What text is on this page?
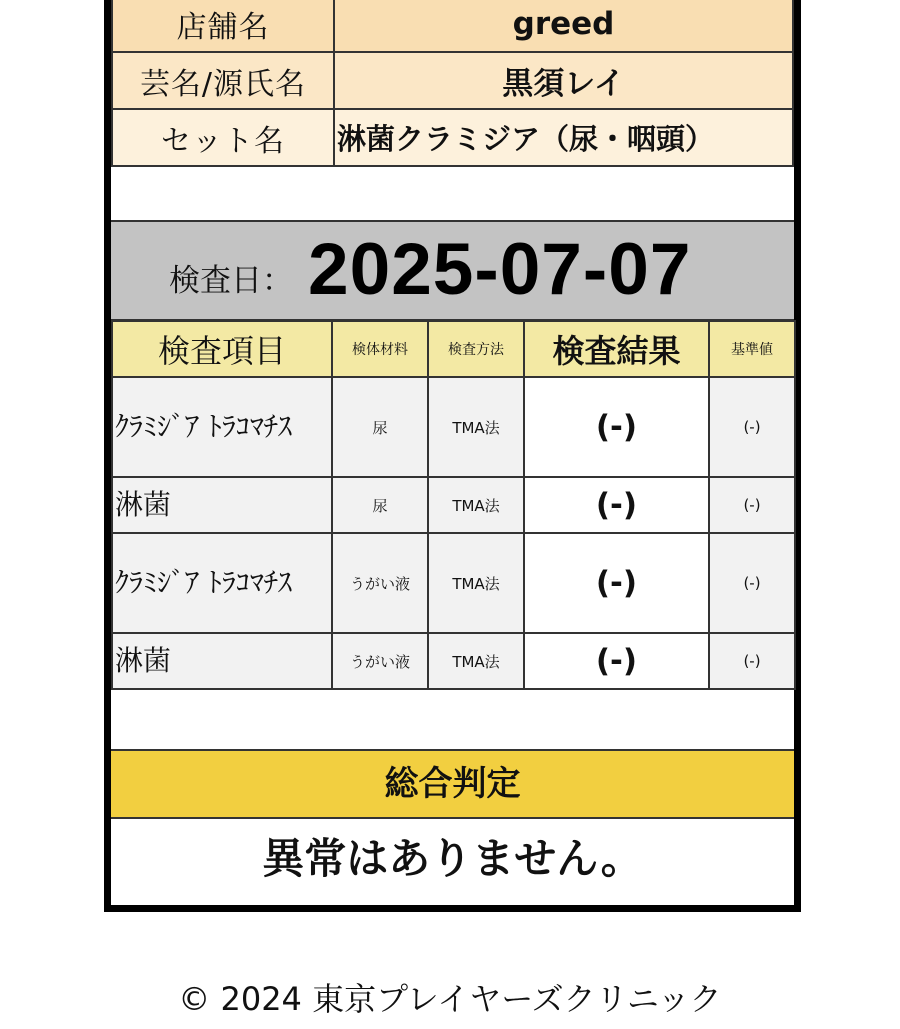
店舗名	greed
芸名/源氏名	黒須レイ
セット名	淋菌クラミジア（尿・咽頭）
検査日： 2025-07-07
検査項目	検体材料	検査方法	検査結果	基準値
ｸﾗﾐｼﾞｱ ﾄﾗｺﾏﾁｽ	尿	TMA法	(-)	(-)
淋菌	尿	TMA法	(-)	(-)
ｸﾗﾐｼﾞｱ ﾄﾗｺﾏﾁｽ	うがい液	TMA法	(-)	(-)
淋菌	うがい液	TMA法	(-)	(-)
総合判定
異常はありません。
© 2024 東京プレイヤーズクリニック
